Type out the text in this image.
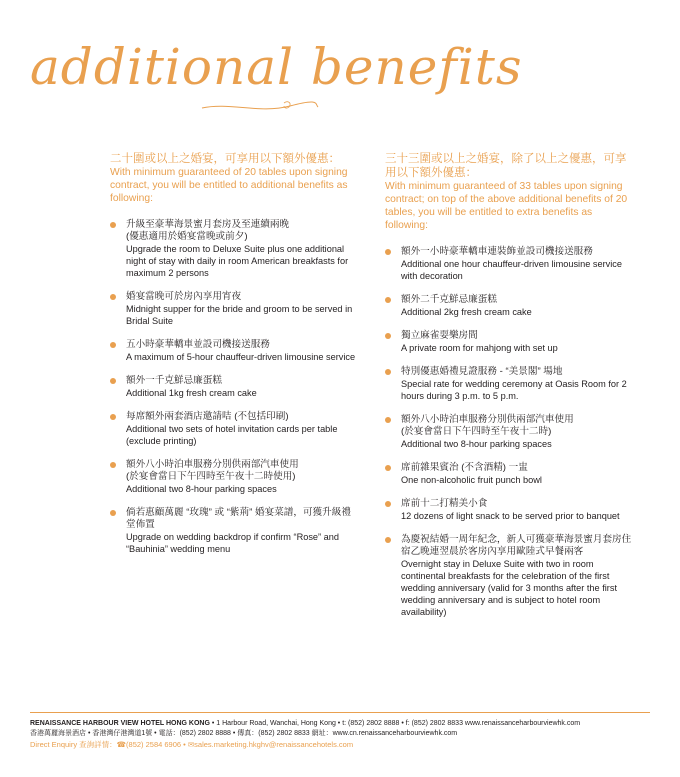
additional benefits
二十圍或以上之婚宴，可享用以下額外優惠：
With minimum guaranteed of 20 tables upon signing contract, you will be entitled to additional benefits as following:
升級至豪華海景蜜月套房及至連續兩晚
(優惠適用於婚宴當晚或前夕)
Upgrade the room to Deluxe Suite plus one additional night of stay with daily in room American breakfasts for maximum 2 persons
婚宴當晚可於房內享用宵夜
Midnight supper for the bride and groom to be served in Bridal Suite
五小時豪華轎車並設司機接送服務
A maximum of 5-hour chauffeur-driven limousine service
額外一千克鮮忌廉蛋糕
Additional 1kg fresh cream cake
每席額外兩套酒店邀請咭 (不包括印刷)
Additional two sets of hotel invitation cards per table (exclude printing)
額外八小時泊車服務分別供兩部汽車使用
(於宴會當日下午四時至午夜十二時使用)
Additional two 8-hour parking spaces
倘若惠顧萬麗 “玫瑰” 或 “紫荊” 婚宴菜譜，可獲升級禮堂佈置
Upgrade on wedding backdrop if confirm “Rose” and “Bauhinia” wedding menu
三十三圍或以上之婚宴，除了以上之優惠，可享用以下額外優惠：
With minimum guaranteed of 33 tables upon signing contract; on top of the above additional benefits of 20 tables, you will be entitled to extra benefits as following:
額外一小時豪華轎車連裝飾並設司機接送服務
Additional one hour chauffeur-driven limousine service with decoration
額外二千克鮮忌廉蛋糕
Additional 2kg fresh cream cake
獨立麻雀耍樂房間
A private room for mahjong with set up
特別優惠婚禮見證服務 - “美景閣” 場地
Special rate for wedding ceremony at Oasis Room for 2 hours during 3 p.m. to 5 p.m.
額外八小時泊車服務分別供兩部汽車使用
(於宴會當日下午四時至午夜十二時)
Additional two 8-hour parking spaces
席前雜果賓治 (不含酒精) 一盅
One non-alcoholic fruit punch bowl
席前十二打精美小食
12 dozens of light snack to be served prior to banquet
為慶祝結婚一周年紀念，新人可獲豪華海景蜜月套房住宿乙晚連翌晨於客房內享用歐陸式早餐兩客
Overnight stay in Deluxe Suite with two in room continental breakfasts for the celebration of the first wedding anniversary (valid for 3 months after the first wedding anniversary and is subject to hotel room availability)
RENAISSANCE HARBOUR VIEW HOTEL HONG KONG • 1 Harbour Road, Wanchai, Hong Kong • t: (852) 2802 8888 • f: (852) 2802 8833 www.renaissanceharbourviewhk.com
香港萬麗海景酒店 • 香港灣仔港灣道1號 • 電話：(852) 2802 8888 • 傳真：(852) 2802 8833 網址：www.cn.renaissanceharbourviewhk.com
Direct Enquiry 查詢詳情：☎(852) 2584 6906 • ✉sales.marketing.hkghv@renaissancehotels.com
